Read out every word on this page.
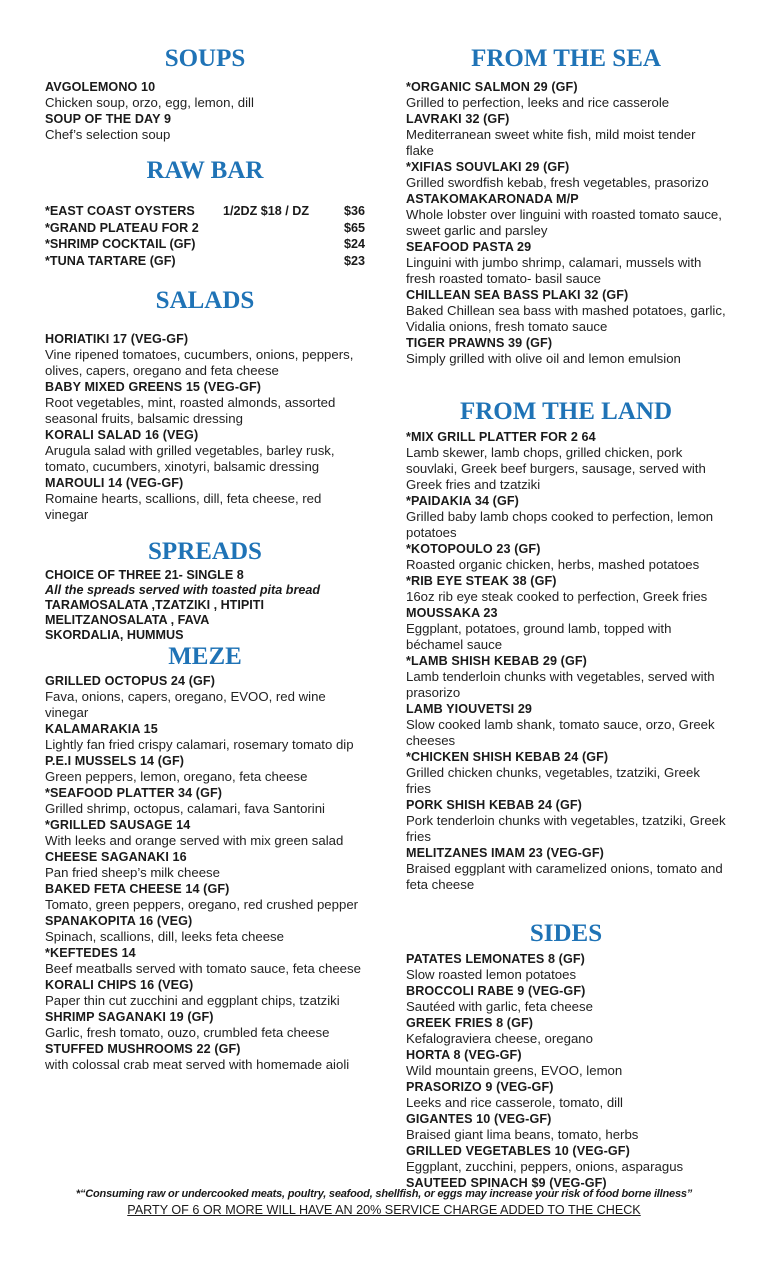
SOUPS
AVGOLEMONO 10
Chicken soup, orzo, egg, lemon, dill
SOUP OF THE DAY 9
Chef’s selection soup
RAW BAR
*EAST COAST OYSTERS	1/2DZ $18 / DZ	$36
*GRAND PLATEAU FOR 2	$65
*SHRIMP COCKTAIL (GF)	$24
*TUNA TARTARE (GF)	$23
SALADS
HORIATIKI 17 (VEG-GF)
Vine ripened tomatoes, cucumbers, onions, peppers, olives, capers, oregano and feta cheese
BABY MIXED GREENS 15 (VEG-GF)
Root vegetables, mint, roasted almonds, assorted seasonal fruits, balsamic dressing
KORALI SALAD 16 (VEG)
Arugula salad with grilled vegetables, barley rusk, tomato, cucumbers, xinotyri, balsamic dressing
MAROULI 14 (VEG-GF)
Romaine hearts, scallions, dill, feta cheese, red vinegar
SPREADS
CHOICE OF THREE 21- SINGLE 8
All the spreads served with toasted pita bread
TARAMOSALATA ,TZATZIKI , HTIPITI
MELITZANOSALATA , FAVA
SKORDALIA, HUMMUS
MEZE
GRILLED OCTOPUS 24 (GF)
Fava, onions, capers, oregano, EVOO, red wine vinegar
KALAMARAKIA 15
Lightly fan fried crispy calamari, rosemary tomato dip
P.E.I MUSSELS 14 (GF)
Green peppers, lemon, oregano, feta cheese
*SEAFOOD PLATTER 34 (GF)
Grilled shrimp, octopus, calamari, fava Santorini
*GRILLED SAUSAGE 14
With leeks and orange served with mix green salad
CHEESE SAGANAKI 16
Pan fried sheep’s milk cheese
BAKED FETA CHEESE 14 (GF)
Tomato, green peppers, oregano, red crushed pepper
SPANAKOPITA 16 (VEG)
Spinach, scallions, dill, leeks feta cheese
*KEFTEDES 14
Beef meatballs served with tomato sauce, feta cheese
KORALI CHIPS 16 (VEG)
Paper thin cut zucchini and eggplant chips, tzatziki
SHRIMP SAGANAKI 19 (GF)
Garlic, fresh tomato, ouzo, crumbled feta cheese
STUFFED MUSHROOMS 22 (GF)
with colossal crab meat served with homemade aioli
FROM THE SEA
*ORGANIC SALMON 29 (GF)
Grilled to perfection, leeks and rice casserole
LAVRAKI 32 (GF)
Mediterranean sweet white fish, mild moist tender flake
*XIFIAS SOUVLAKI 29 (GF)
Grilled swordfish kebab, fresh vegetables, prasorizo
ASTAKOMAKARONADA M/P
Whole lobster over linguini with roasted tomato sauce, sweet garlic and parsley
SEAFOOD PASTA 29
Linguini with jumbo shrimp, calamari, mussels with fresh roasted tomato- basil sauce
CHILLEAN SEA BASS PLAKI 32 (GF)
Baked Chillean sea bass with mashed potatoes, garlic, Vidalia onions, fresh tomato sauce
TIGER PRAWNS 39 (GF)
Simply grilled with olive oil and lemon emulsion
FROM THE LAND
*MIX GRILL PLATTER FOR 2 64
Lamb skewer, lamb chops, grilled chicken, pork souvlaki, Greek beef burgers, sausage, served with Greek fries and tzatziki
*PAIDAKIA 34 (GF)
Grilled baby lamb chops cooked to perfection, lemon potatoes
*KOTOPOULO 23 (GF)
Roasted organic chicken, herbs, mashed potatoes
*RIB EYE STEAK 38 (GF)
16oz rib eye steak cooked to perfection, Greek fries
MOUSSAKA 23
Eggplant, potatoes, ground lamb, topped with béchamel sauce
*LAMB SHISH KEBAB 29 (GF)
Lamb tenderloin chunks with vegetables, served with prasorizo
LAMB YIOUVETSI 29
Slow cooked lamb shank, tomato sauce, orzo, Greek cheeses
*CHICKEN SHISH KEBAB 24 (GF)
Grilled chicken chunks, vegetables, tzatziki, Greek fries
PORK SHISH KEBAB 24 (GF)
Pork tenderloin chunks with vegetables, tzatziki, Greek fries
MELITZANES IMAM 23 (VEG-GF)
Braised eggplant with caramelized onions, tomato and feta cheese
SIDES
PATATES LEMONATES 8 (GF)
Slow roasted lemon potatoes
BROCCOLI RABE 9 (VEG-GF)
Sautéed with garlic, feta cheese
GREEK FRIES 8 (GF)
Kefalograviera cheese, oregano
HORTA 8 (VEG-GF)
Wild mountain greens, EVOO, lemon
PRASORIZO 9 (VEG-GF)
Leeks and rice casserole, tomato, dill
GIGANTES 10 (VEG-GF)
Braised giant lima beans, tomato, herbs
GRILLED VEGETABLES 10 (VEG-GF)
Eggplant, zucchini, peppers, onions, asparagus
SAUTEED SPINACH $9 (VEG-GF)
*“Consuming raw or undercooked meats, poultry, seafood, shellfish, or eggs may increase your risk of food borne illness”
PARTY OF 6 OR MORE WILL HAVE AN 20% SERVICE CHARGE ADDED TO THE CHECK
